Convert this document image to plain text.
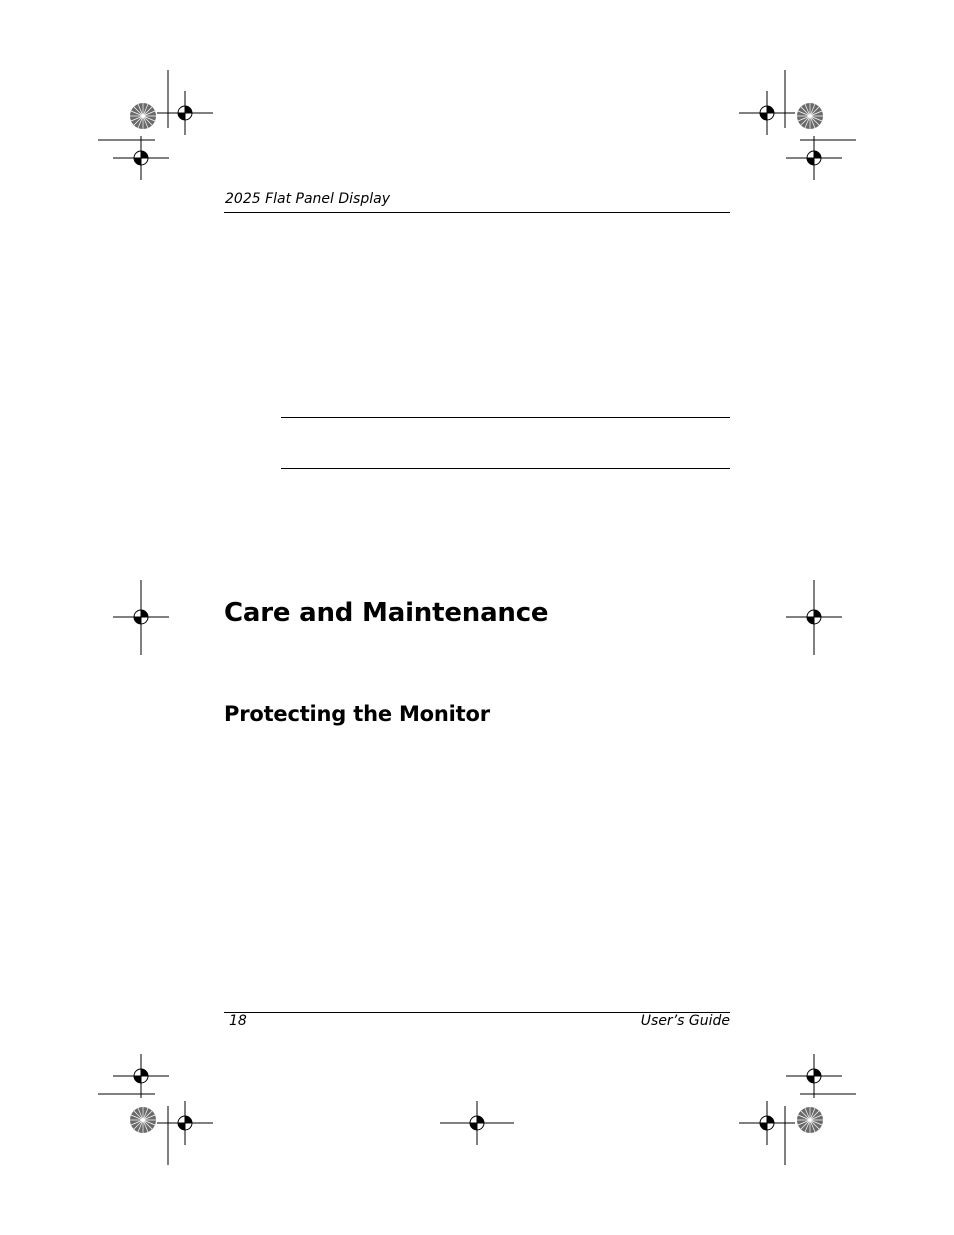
2025 Flat Panel Display
Care and Maintenance
Protecting the Monitor
18	User’s Guide
